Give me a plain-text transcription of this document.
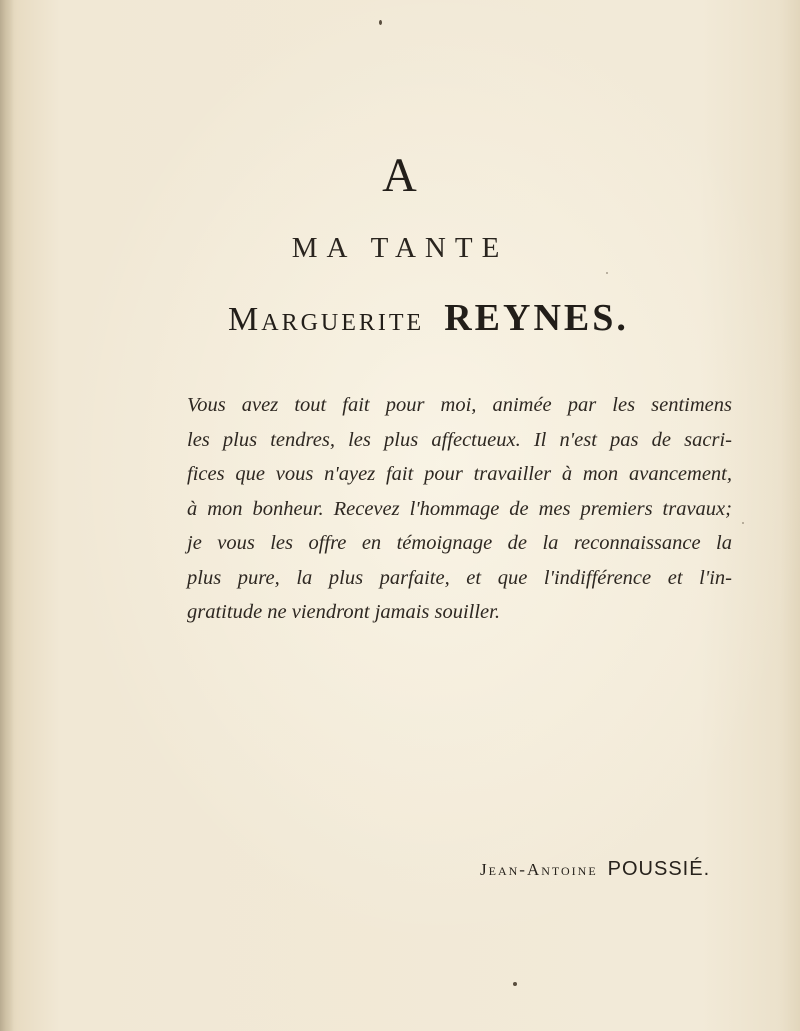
A
MA TANTE
Marguerite REYNES.
Vous avez tout fait pour moi, animée par les sentimens
les plus tendres, les plus affectueux. Il n'est pas de sacri-
fices que vous n'ayez fait pour travailler à mon avancement,
à mon bonheur. Recevez l'hommage de mes premiers travaux;
je vous les offre en témoignage de la reconnaissance la
plus pure, la plus parfaite, et que l'indifférence et l'in-
gratitude ne viendront jamais souiller.
Jean-Antoine POUSSIÉ.
